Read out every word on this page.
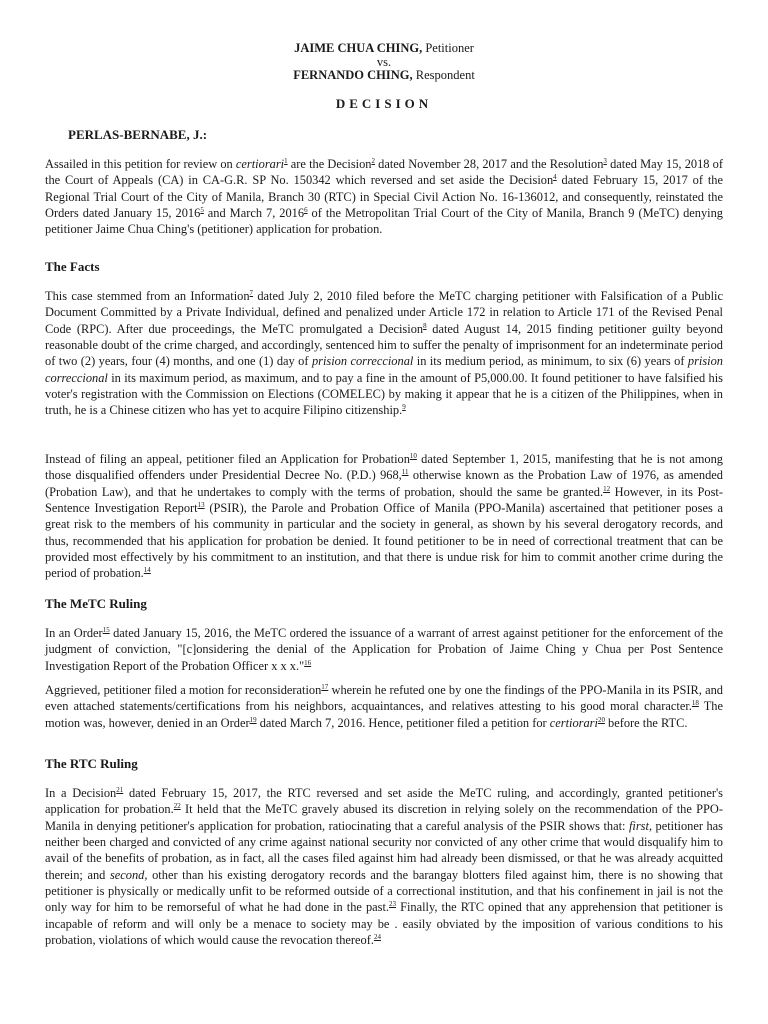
JAIME CHUA CHING, Petitioner
vs.
FERNANDO CHING, Respondent
DECISION
PERLAS-BERNABE, J.:

Assailed in this petition for review on certiorari$^1$ are the Decision$^2$ dated November 28, 2017 and the Resolution$^3$ dated May 15, 2018 of the Court of Appeals (CA) in CA-G.R. SP No. 150342 which reversed and set aside the Decision$^4$ dated February 15, 2017 of the Regional Trial Court of the City of Manila, Branch 30 (RTC) in Special Civil Action No. 16-136012, and consequently, reinstated the Orders dated January 15, 2016$^5$ and March 7, 2016$^6$ of the Metropolitan Trial Court of the City of Manila, Branch 9 (MeTC) denying petitioner Jaime Chua Ching's (petitioner) application for probation.

The Facts

This case stemmed from an Information$^7$ dated July 2, 2010 filed before the MeTC charging petitioner with Falsification of a Public Document Committed by a Private Individual, defined and penalized under Article 172 in relation to Article 171 of the Revised Penal Code (RPC). After due proceedings, the MeTC promulgated a Decision$^8$ dated August 14, 2015 finding petitioner guilty beyond reasonable doubt of the crime charged, and accordingly, sentenced him to suffer the penalty of imprisonment for an indeterminate period of two (2) years, four (4) months, and one (1) day of prision correccional in its medium period, as minimum, to six (6) years of prision correccional in its maximum period, as maximum, and to pay a fine in the amount of P5,000.00. It found petitioner to have falsified his voter's registration with the Commission on Elections (COMELEC) by making it appear that he is a citizen of the Philippines, when in truth, he is a Chinese citizen who has yet to acquire Filipino citizenship.$^9$

Instead of filing an appeal, petitioner filed an Application for Probation$^{10}$ dated September 1, 2015, manifesting that he is not among those disqualified offenders under Presidential Decree No. (P.D.) 968,11 otherwise known as the Probation Law of 1976, as amended (Probation Law), and that he undertakes to comply with the terms of probation, should the same be granted.$^{12}$ However, in its Post-Sentence Investigation Report$^{13}$ (PSIR), the Parole and Probation Office of Manila (PPO-Manila) ascertained that petitioner poses a great risk to the members of his community in particular and the society in general, as shown by his several derogatory records, and thus, recommended that his application for probation be denied. It found petitioner to be in need of correctional treatment that can be provided most effectively by his commitment to an institution, and that there is undue risk for him to commit another crime during the period of probation.$^{14}$

The MeTC Ruling

In an Order$^{15}$ dated January 15, 2016, the MeTC ordered the issuance of a warrant of arrest against petitioner for the enforcement of the judgment of conviction, "[c]onsidering the denial of the Application for Probation of Jaime Ching y Chua per Post Sentence Investigation Report of the Probation Officer x x x."$^{16}$

Aggrieved, petitioner filed a motion for reconsideration$^{17}$ wherein he refuted one by one the findings of the PPO-Manila in its PSIR, and even attached statements/certifications from his neighbors, acquaintances, and relatives attesting to his good moral character.$^{18}$ The motion was, however, denied in an Order$^{19}$ dated March 7, 2016. Hence, petitioner filed a petition for certiorari$^{20}$ before the RTC.

The RTC Ruling

In a Decision$^{21}$ dated February 15, 2017, the RTC reversed and set aside the MeTC ruling, and accordingly, granted petitioner's application for probation.$^{22}$ It held that the MeTC gravely abused its discretion in relying solely on the recommendation of the PPO-Manila in denying petitioner's application for probation, ratiocinating that a careful analysis of the PSIR shows that: first, petitioner has neither been charged and convicted of any crime against national security nor convicted of any other crime that would disqualify him to avail of the benefits of probation, as in fact, all the cases filed against him had already been dismissed, or that he was already acquitted therein; and second, other than his existing derogatory records and the barangay blotters filed against him, there is no showing that petitioner is physically or medically unfit to be reformed outside of a correctional institution, and that his confinement in jail is not the only way for him to be remorseful of what he had done in the past.$^{23}$ Finally, the RTC opined that any apprehension that petitioner is incapable of reform and will only be a menace to society may be . easily obviated by the imposition of various conditions to his probation, violations of which would cause the revocation thereof.$^{24}$
